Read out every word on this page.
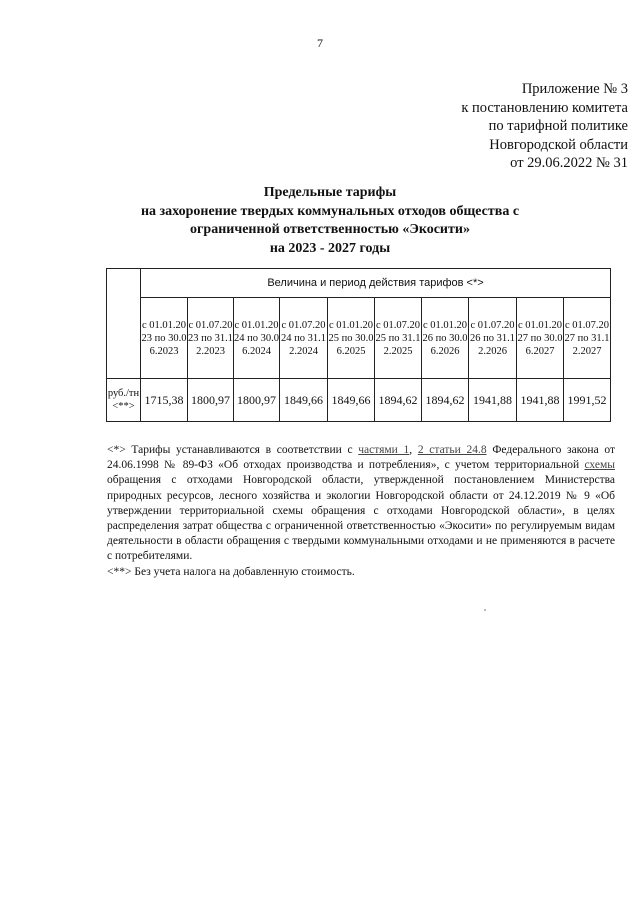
7
Приложение № 3
к постановлению комитета
по тарифной политике
Новгородской области
от 29.06.2022 № 31
Предельные тарифы
на захоронение твердых коммунальных отходов общества с
ограниченной ответственностью «Экосити»
на 2023 - 2027 годы
	Величина и период действия тарифов <*>									
	с 01.01.2023 по 30.06.2023	с 01.07.2023 по 31.12.2023	с 01.01.2024 по 30.06.2024	с 01.07.2024 по 31.12.2024	с 01.01.2025 по 30.06.2025	с 01.07.2025 по 31.12.2025	с 01.01.2026 по 30.06.2026	с 01.07.2026 по 31.12.2026	с 01.01.2027 по 30.06.2027	с 01.07.2027 по 31.12.2027
руб./тн <**>	1715,38	1800,97	1800,97	1849,66	1849,66	1894,62	1894,62	1941,88	1941,88	1991,52

<*> Тарифы устанавливаются в соответствии с частями 1, 2 статьи 24.8 Федерального закона от 24.06.1998 № 89-ФЗ «Об отходах производства и потребления», с учетом территориальной схемы обращения с отходами Новгородской области, утвержденной постановлением Министерства природных ресурсов, лесного хозяйства и экологии Новгородской области от 24.12.2019 № 9 «Об утверждении территориальной схемы обращения с отходами Новгородской области», в целях распределения затрат общества с ограниченной ответственностью «Экосити» по регулируемым видам деятельности в области обращения с твердыми коммунальными отходами и не применяются в расчете с потребителями.

<**> Без учета налога на добавленную стоимость.
